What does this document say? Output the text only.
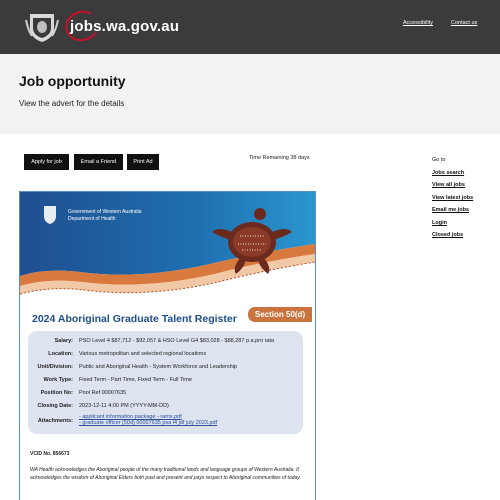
jobs.wa.gov.au	Accessibility	Contact us
Job opportunity

View the advert for the details

Apply for job	Email a Friend	Print Ad
Time Remaining 38 days	Go to
Jobs search
View all jobs
View latest jobs
Email me jobs
Login
Closed jobs
Government of Western Australia
Department of Health
Section 50(d)
2024 Aboriginal Graduate Talent Register
Salary: PSO Level 4 $87,712 - $92,057 & HSO Level G4 $83,028 - $88,287 p.a.pro rata
Location: Various metropolitan and selected regional locations
Unit/Division: Public and Aboriginal Health - System Workforce and Leadership
Work Type: Fixed Term - Part Time, Fixed Term - Full Time
Position No: Pool Ref 00007635
Closing Date: 2023-12-11 4:00 PM (YYYY-MM-DD)
Attachments:
- applicant information package - rams.pdf
- graduate officer (50d) 00007635 psa l4 jdf july 2023.pdf
VCID No. 856673
WA Health acknowledges the Aboriginal people of the many traditional lands and language groups of Western Australia. It acknowledges the wisdom of Aboriginal Elders both past and present and pays respect to Aboriginal communities of today.
